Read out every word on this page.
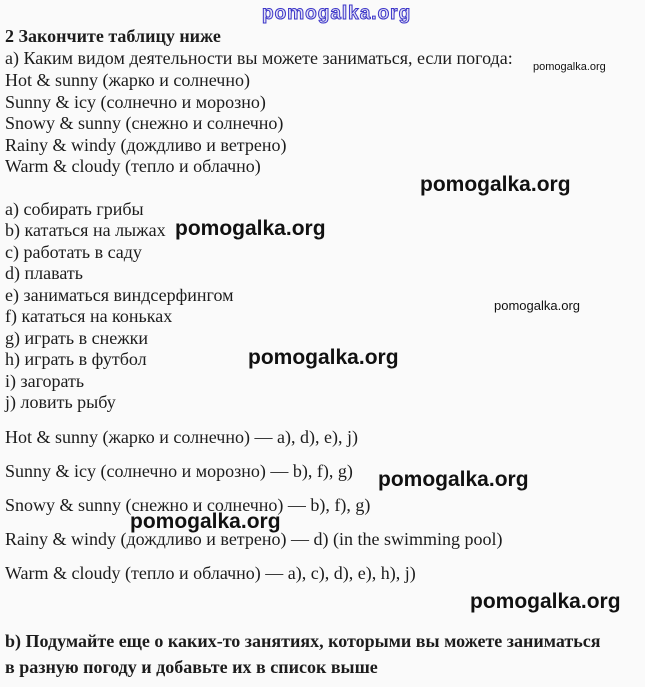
pomogalka.org
pomogalka.org
pomogalka.org
pomogalka.org
pomogalka.org
pomogalka.org
pomogalka.org
pomogalka.org
pomogalka.org
2 Закончите таблицу ниже
а) Каким видом деятельности вы можете заниматься, если погода:
Hot & sunny (жарко и солнечно)
Sunny & icy (солнечно и морозно)
Snowy & sunny (снежно и солнечно)
Rainy & windy (дождливо и ветрено)
Warm & cloudy (тепло и облачно)
а) собирать грибы
b) кататься на лыжах
c) работать в саду
d) плавать
е) заниматься виндсерфингом
f) кататься на коньках
g) играть в снежки
h) играть в футбол
i) загорать
j) ловить рыбу
Hot & sunny (жарко и солнечно) — a), d), e), j)
Sunny & icy (солнечно и морозно) — b), f), g)
Snowy & sunny (снежно и солнечно) — b), f), g)
Rainy & windy (дождливо и ветрено) — d) (in the swimming pool)
Warm & cloudy (тепло и облачно) — a), c), d), e), h), j)
b) Подумайте еще о каких-то занятиях, которыми вы можете заниматься
в разную погоду и добавьте их в список выше
